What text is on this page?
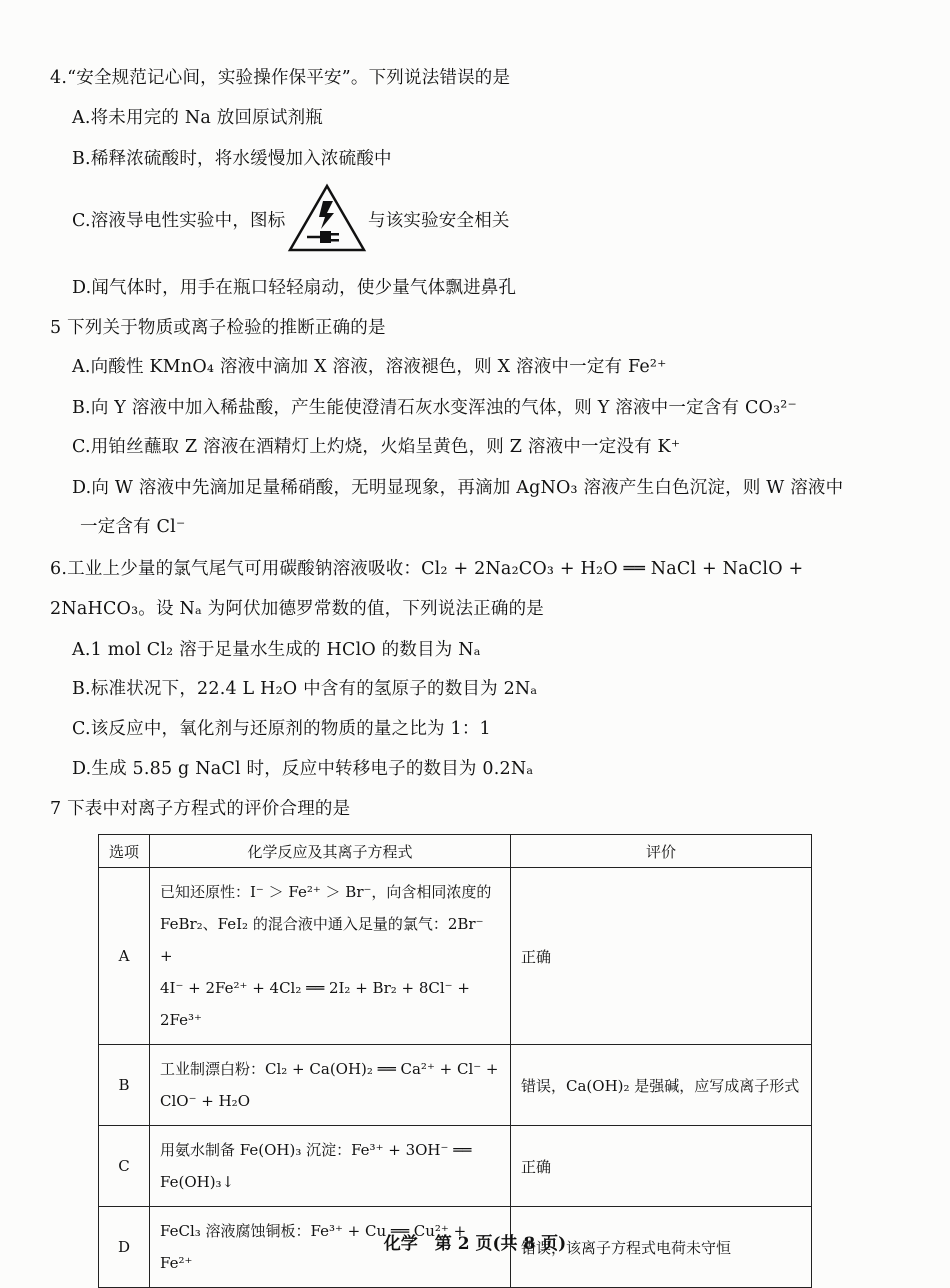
4.“安全规范记心间，实验操作保平安”。下列说法错误的是
A.将未用完的 Na 放回原试剂瓶
B.稀释浓硫酸时，将水缓慢加入浓硫酸中
C.溶液导电性实验中，图标	与该实验安全相关
D.闻气体时，用手在瓶口轻轻扇动，使少量气体飘进鼻孔
5 下列关于物质或离子检验的推断正确的是
A.向酸性 KMnO₄ 溶液中滴加 X 溶液，溶液褪色，则 X 溶液中一定有 Fe²⁺
B.向 Y 溶液中加入稀盐酸，产生能使澄清石灰水变浑浊的气体，则 Y 溶液中一定含有 CO₃²⁻
C.用铂丝蘸取 Z 溶液在酒精灯上灼烧，火焰呈黄色，则 Z 溶液中一定没有 K⁺
D.向 W 溶液中先滴加足量稀硝酸，无明显现象，再滴加 AgNO₃ 溶液产生白色沉淀，则 W 溶液中
一定含有 Cl⁻
6.工业上少量的氯气尾气可用碳酸钠溶液吸收：Cl₂ + 2Na₂CO₃ + H₂O ══ NaCl + NaClO +
2NaHCO₃。设 Nₐ 为阿伏加德罗常数的值，下列说法正确的是
A.1 mol Cl₂ 溶于足量水生成的 HClO 的数目为 Nₐ
B.标准状况下，22.4 L H₂O 中含有的氢原子的数目为 2Nₐ
C.该反应中，氧化剂与还原剂的物质的量之比为 1：1
D.生成 5.85 g NaCl 时，反应中转移电子的数目为 0.2Nₐ
7 下表中对离子方程式的评价合理的是
选项	化学反应及其离子方程式	评价
A	已知还原性：I⁻ ＞ Fe²⁺ ＞ Br⁻，向含相同浓度的
FeBr₂、FeI₂ 的混合液中通入足量的氯气：2Br⁻ +
4I⁻ + 2Fe²⁺ + 4Cl₂ ══ 2I₂ + Br₂ + 8Cl⁻ + 2Fe³⁺	正确
B	工业制漂白粉：Cl₂ + Ca(OH)₂ ══ Ca²⁺ + Cl⁻ +
ClO⁻ + H₂O	错误，Ca(OH)₂ 是强碱，应写成离子形式
C	用氨水制备 Fe(OH)₃ 沉淀：Fe³⁺ + 3OH⁻ ══
Fe(OH)₃↓	正确
D	FeCl₃ 溶液腐蚀铜板：Fe³⁺ + Cu ══ Cu²⁺ + Fe²⁺	错误，该离子方程式电荷未守恒
化学　第 2 页(共 8 页)
